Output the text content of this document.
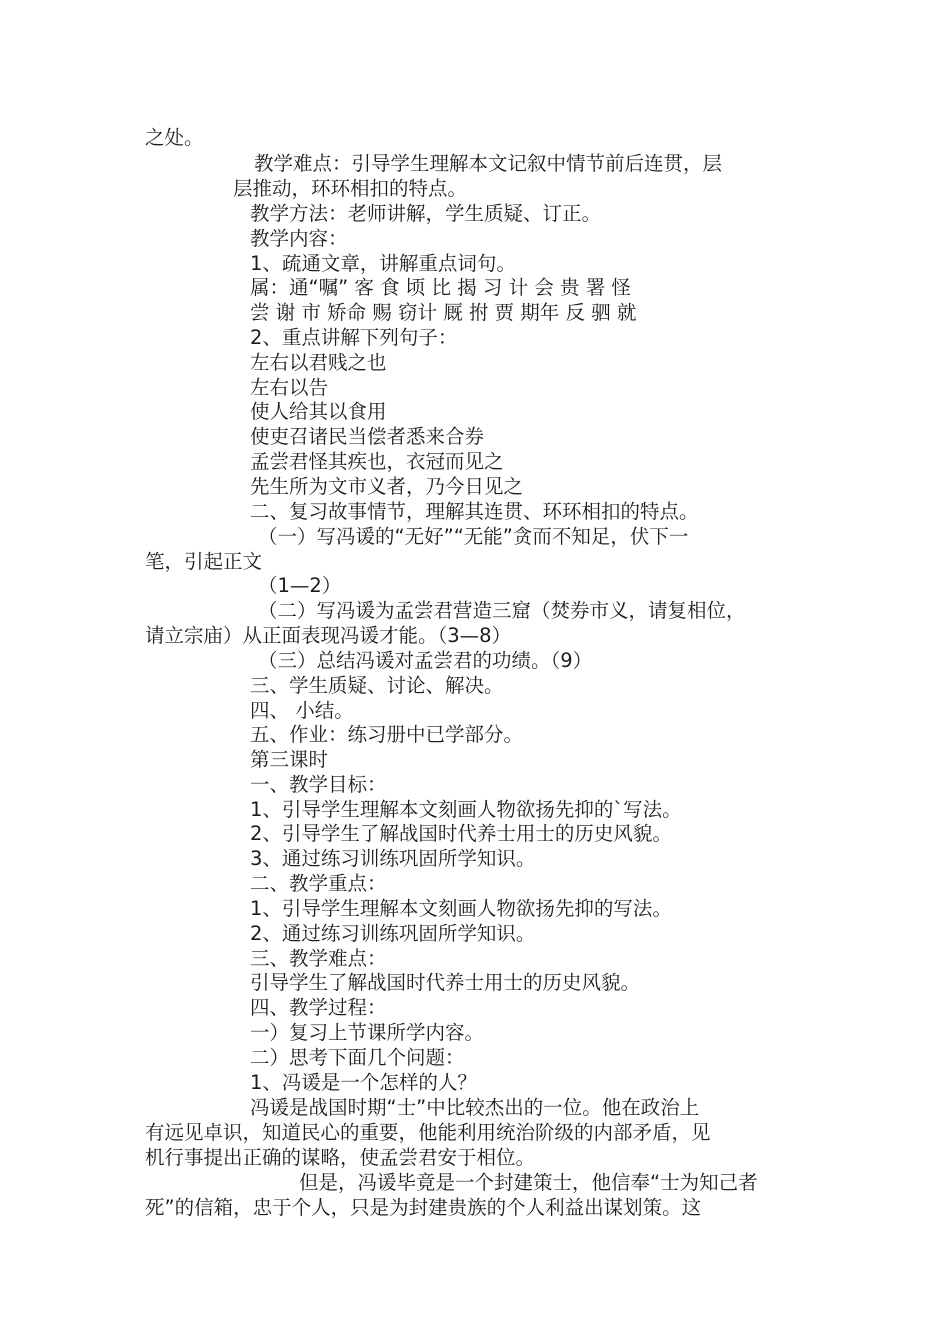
之处。
教学难点：引导学生理解本文记叙中情节前后连贯，层
层推动，环环相扣的特点。
教学方法：老师讲解，学生质疑、订正。
教学内容：
1、疏通文章，讲解重点词句。
属：通“嘱” 客 食 顷 比 揭 习 计 会 贵 署 怪
尝 谢 市 矫命 赐 窃计 厩 拊 贾 期年 反 驷 就
2、重点讲解下列句子：
左右以君贱之也
左右以告
使人给其以食用
使吏召诸民当偿者悉来合券
孟尝君怪其疾也，衣冠而见之
先生所为文市义者，乃今日见之
二、复习故事情节，理解其连贯、环环相扣的特点。
（一）写冯谖的“无好”“无能”贪而不知足，伏下一
笔，引起正文
（1—2）
（二）写冯谖为孟尝君营造三窟（焚券市义，请复相位，
请立宗庙）从正面表现冯谖才能。（3—8）
（三）总结冯谖对孟尝君的功绩。（9）
三、学生质疑、讨论、解决。
四、 小结。
五、作业：练习册中已学部分。
第三课时
一、教学目标：
1、引导学生理解本文刻画人物欲扬先抑的`写法。
2、引导学生了解战国时代养士用士的历史风貌。
3、通过练习训练巩固所学知识。
二、教学重点：
1、引导学生理解本文刻画人物欲扬先抑的写法。
2、通过练习训练巩固所学知识。
三、教学难点：
引导学生了解战国时代养士用士的历史风貌。
四、教学过程：
一）复习上节课所学内容。
二）思考下面几个问题：
1、冯谖是一个怎样的人？
冯谖是战国时期“士”中比较杰出的一位。他在政治上
有远见卓识，知道民心的重要，他能利用统治阶级的内部矛盾，见
机行事提出正确的谋略，使孟尝君安于相位。
但是，冯谖毕竟是一个封建策士，他信奉“士为知己者
死”的信箱，忠于个人，只是为封建贵族的个人利益出谋划策。这
